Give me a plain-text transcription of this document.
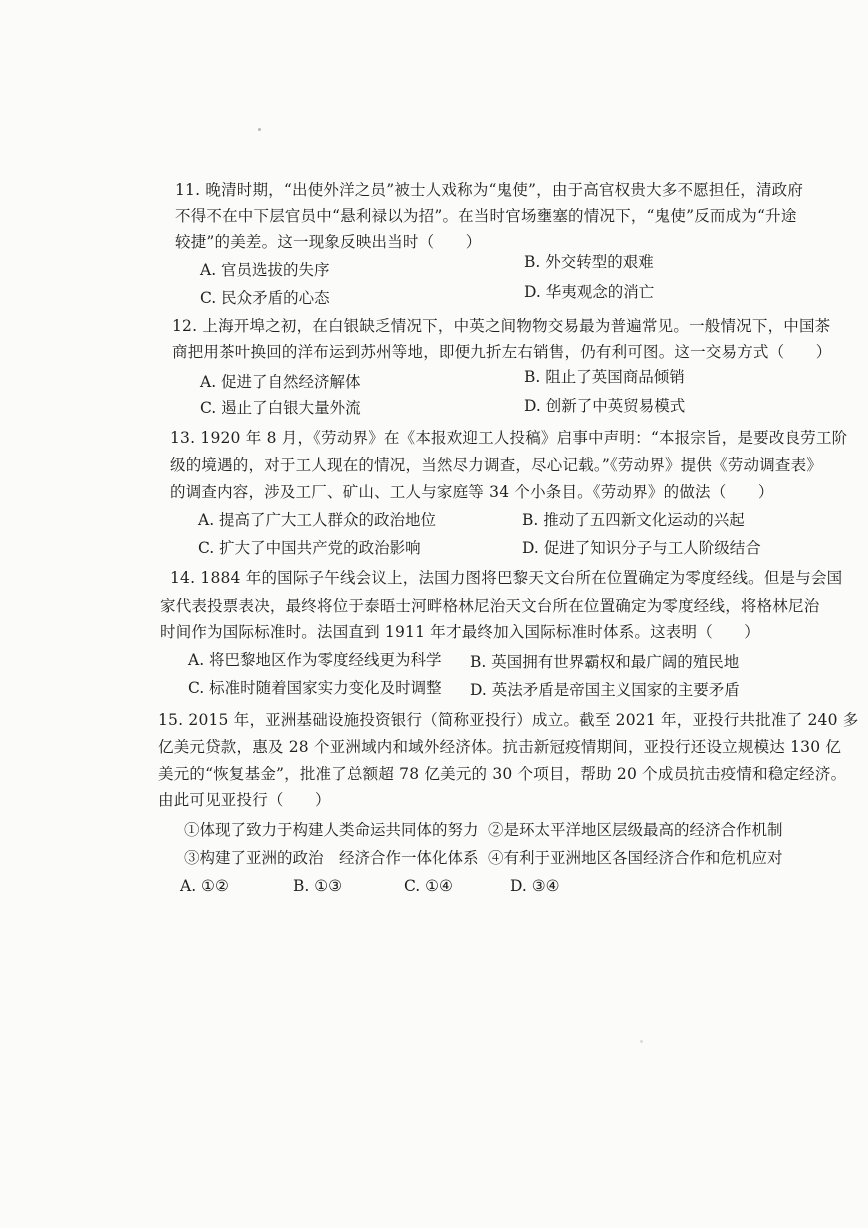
11. 晚清时期，“出使外洋之员”被士人戏称为“鬼使”，由于高官权贵大多不愿担任，清政府
不得不在中下层官员中“悬利禄以为招”。在当时官场壅塞的情况下，“鬼使”反而成为“升途
较捷”的美差。这一现象反映出当时（　　）
A. 官员选拔的失序	B. 外交转型的艰难
C. 民众矛盾的心态	D. 华夷观念的消亡
12. 上海开埠之初，在白银缺乏情况下，中英之间物物交易最为普遍常见。一般情况下，中国茶
商把用茶叶换回的洋布运到苏州等地，即便九折左右销售，仍有利可图。这一交易方式（　　）
A. 促进了自然经济解体	B. 阻止了英国商品倾销
C. 遏止了白银大量外流	D. 创新了中英贸易模式
13. 1920 年 8 月，《劳动界》在《本报欢迎工人投稿》启事中声明：“本报宗旨，是要改良劳工阶
级的境遇的，对于工人现在的情况，当然尽力调查，尽心记载。”《劳动界》提供《劳动调查表》
的调查内容，涉及工厂、矿山、工人与家庭等 34 个小条目。《劳动界》的做法（　　）
A. 提高了广大工人群众的政治地位	B. 推动了五四新文化运动的兴起
C. 扩大了中国共产党的政治影响	D. 促进了知识分子与工人阶级结合
14. 1884 年的国际子午线会议上，法国力图将巴黎天文台所在位置确定为零度经线。但是与会国
家代表投票表决，最终将位于泰晤士河畔格林尼治天文台所在位置确定为零度经线，将格林尼治
时间作为国际标准时。法国直到 1911 年才最终加入国际标准时体系。这表明（　　）
A. 将巴黎地区作为零度经线更为科学 B. 英国拥有世界霸权和最广阔的殖民地
C. 标准时随着国家实力变化及时调整 D. 英法矛盾是帝国主义国家的主要矛盾
15. 2015 年，亚洲基础设施投资银行（简称亚投行）成立。截至 2021 年，亚投行共批准了 240 多
亿美元贷款，惠及 28 个亚洲域内和域外经济体。抗击新冠疫情期间，亚投行还设立规模达 130 亿
美元的“恢复基金”，批准了总额超 78 亿美元的 30 个项目，帮助 20 个成员抗击疫情和稳定经济。
由此可见亚投行（　　）
①体现了致力于构建人类命运共同体的努力 ②是环太平洋地区层级最高的经济合作机制
③构建了亚洲的政治　经济合作一体化体系 ④有利于亚洲地区各国经济合作和危机应对
A. ①②	B. ①③	C. ①④	D. ③④
